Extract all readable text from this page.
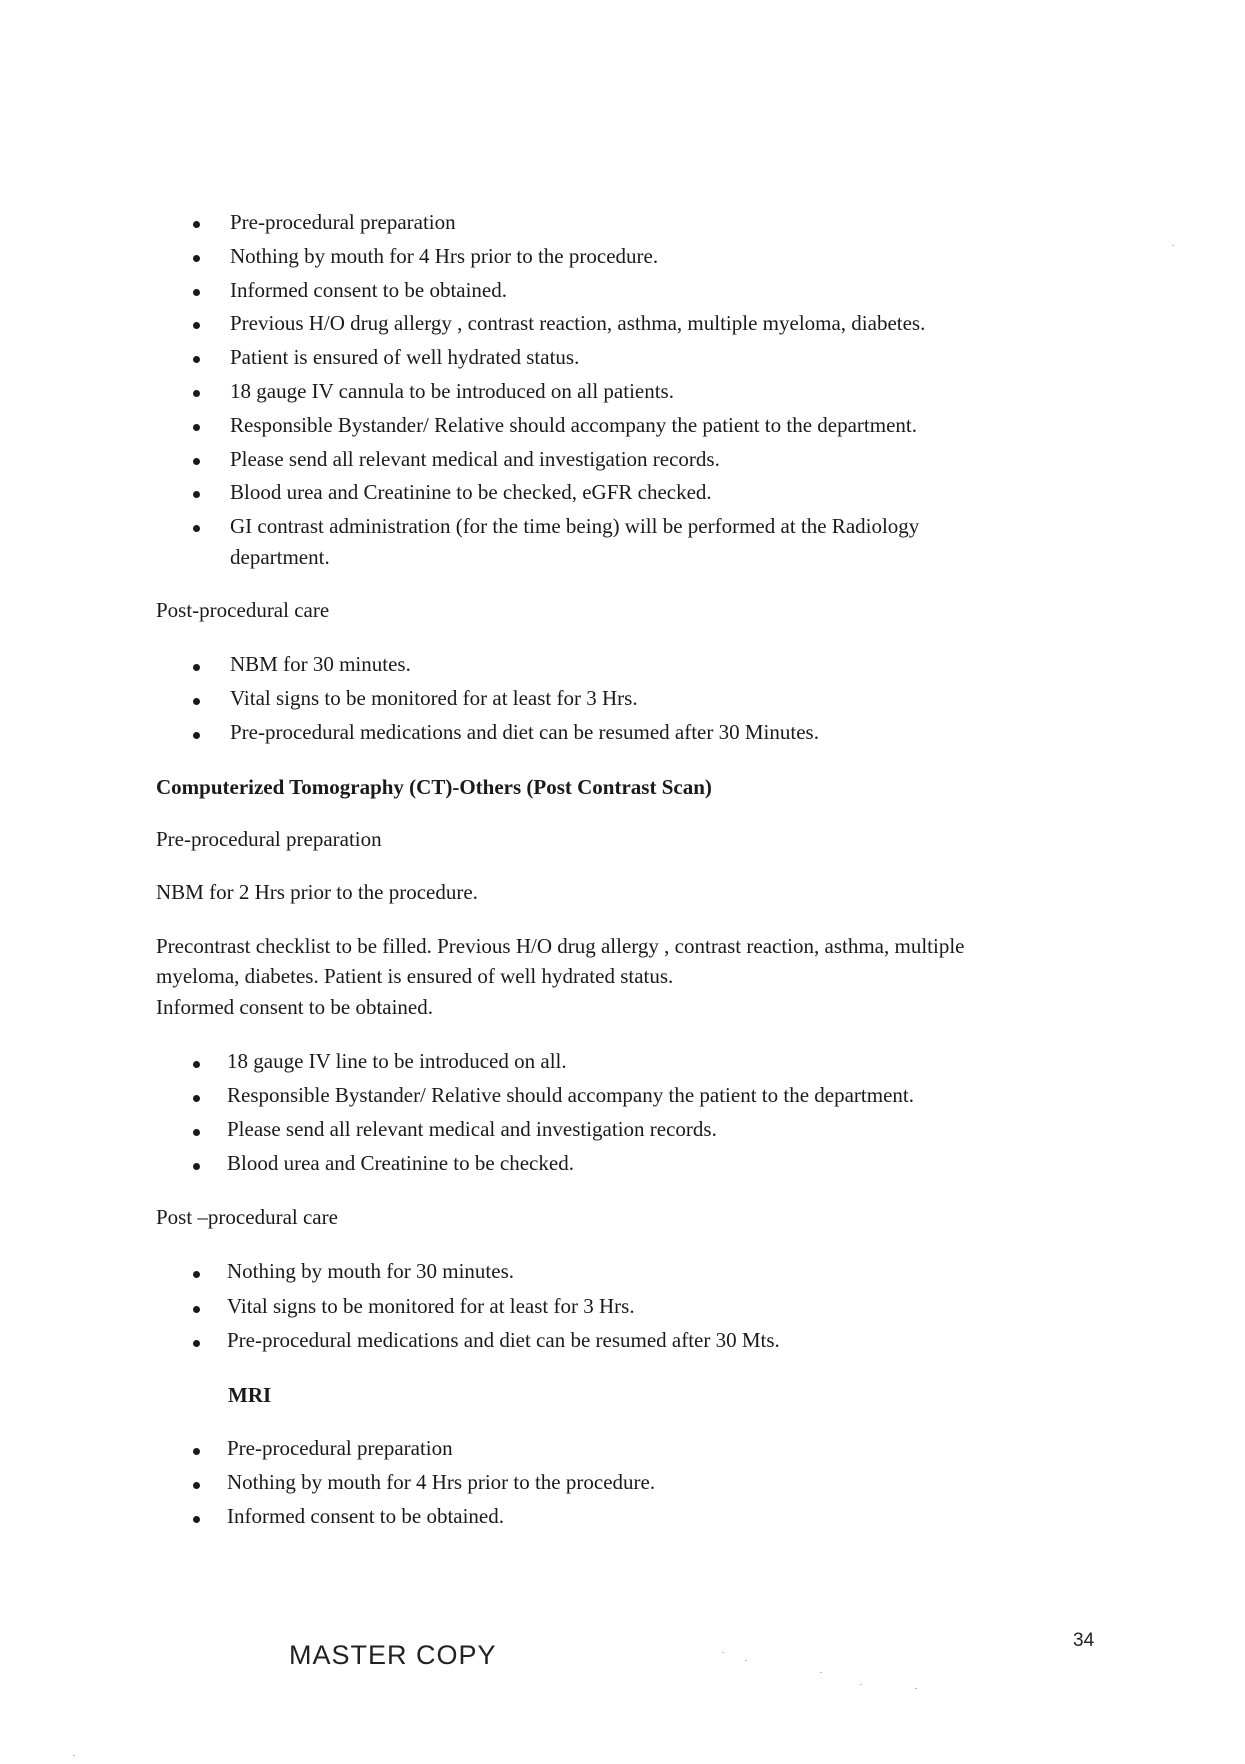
Pre-procedural preparation
Nothing by mouth for 4 Hrs prior to the procedure.
Informed consent to be obtained.
Previous H/O drug allergy , contrast reaction, asthma, multiple myeloma, diabetes.
Patient is ensured of well hydrated status.
18 gauge IV cannula to be introduced on all patients.
Responsible Bystander/ Relative should accompany the patient to the department.
Please send all relevant medical and investigation records.
Blood urea and Creatinine to be checked, eGFR checked.
GI contrast administration (for the time being) will be performed at the Radiology
department.
Post-procedural care
NBM for 30 minutes.
Vital signs to be monitored for at least for 3 Hrs.
Pre-procedural medications and diet can be resumed after 30 Minutes.
Computerized Tomography (CT)-Others (Post Contrast Scan)
Pre-procedural preparation
NBM for 2 Hrs prior to the procedure.
Precontrast checklist to be filled. Previous H/O drug allergy , contrast reaction, asthma, multiple
myeloma, diabetes. Patient is ensured of well hydrated status.
Informed consent to be obtained.
18 gauge IV line to be introduced on all.
Responsible Bystander/ Relative should accompany the patient to the department.
Please send all relevant medical and investigation records.
Blood urea and Creatinine to be checked.
Post –procedural care
Nothing by mouth for 30 minutes.
Vital signs to be monitored for at least for 3 Hrs.
Pre-procedural medications and diet can be resumed after 30 Mts.
MRI
Pre-procedural preparation
Nothing by mouth for 4 Hrs prior to the procedure.
Informed consent to be obtained.
MASTER COPY	34
